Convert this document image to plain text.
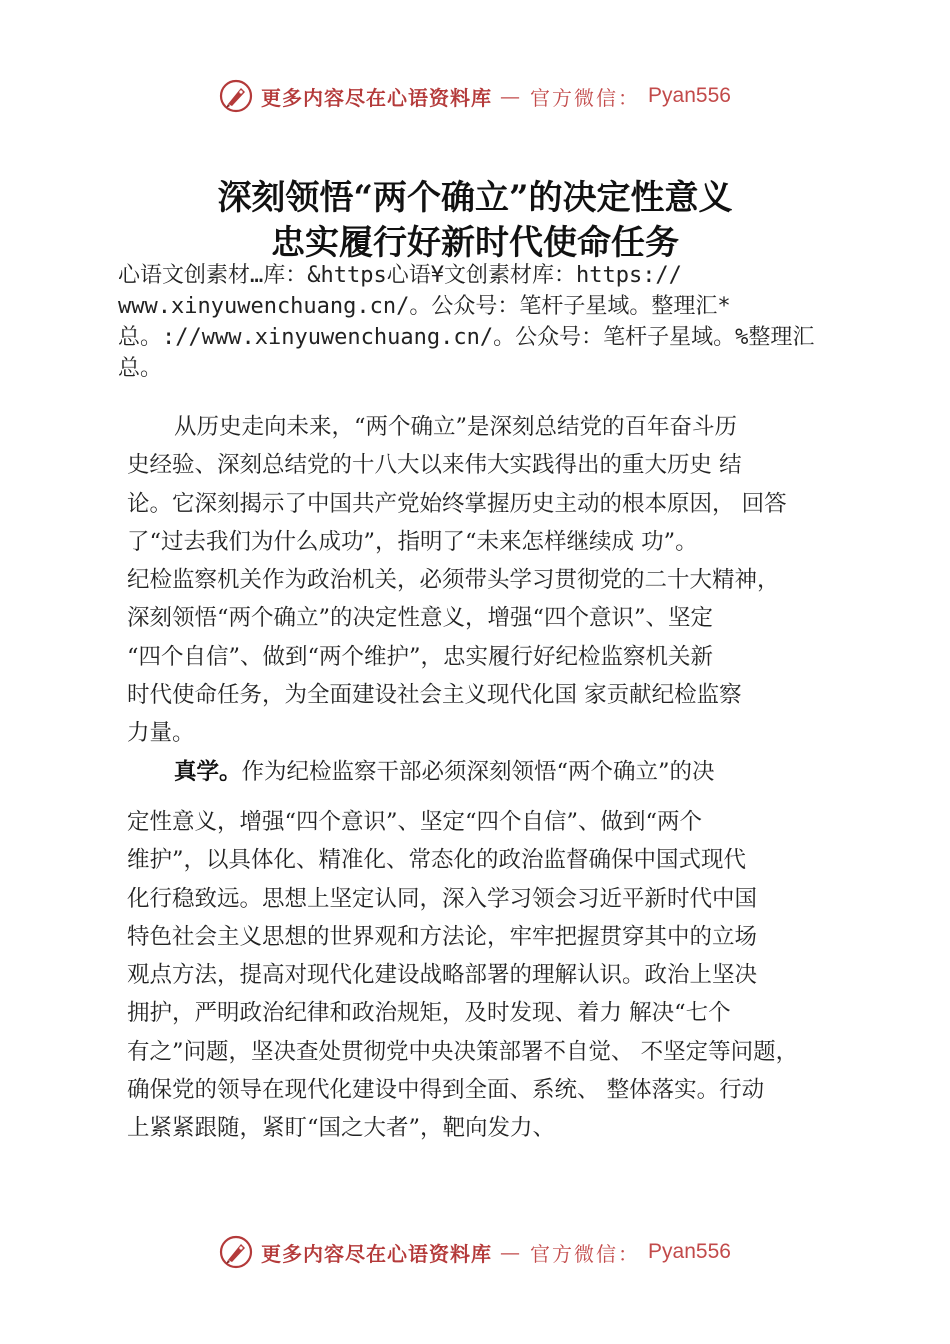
更多内容尽在心语资料库 — 官方微信： Pyan556
深刻领悟“两个确立”的决定性意义
忠实履行好新时代使命任务
心语文创素材…库：&https心语¥文创素材库：https://
www.xinyuwenchuang.cn/。公众号：笔杆子星域。整理汇*
总。://www.xinyuwenchuang.cn/。公众号：笔杆子星域。%整理汇
总。
从历史走向未来，“两个确立”是深刻总结党的百年奋斗历
史经验、深刻总结党的十八大以来伟大实践得出的重大历史 结
论。它深刻揭示了中国共产党始终掌握历史主动的根本原因， 回答
了“过去我们为什么成功”，指明了“未来怎样继续成 功”。
纪检监察机关作为政治机关，必须带头学习贯彻党的二十大精神，
深刻领悟“两个确立”的决定性意义，增强“四个意识”、坚定
“四个自信”、做到“两个维护”，忠实履行好纪检监察机关新
时代使命任务，为全面建设社会主义现代化国 家贡献纪检监察
力量。
真学。作为纪检监察干部必须深刻领悟“两个确立”的决
定性意义，增强“四个意识”、坚定“四个自信”、做到“两个
维护”，以具体化、精准化、常态化的政治监督确保中国式现代
化行稳致远。思想上坚定认同，深入学习领会习近平新时代中国
特色社会主义思想的世界观和方法论，牢牢把握贯穿其中的立场
观点方法，提高对现代化建设战略部署的理解认识。政治上坚决
拥护，严明政治纪律和政治规矩，及时发现、着力 解决“七个
有之”问题，坚决查处贯彻党中央决策部署不自觉、 不坚定等问题，
确保党的领导在现代化建设中得到全面、系统、 整体落实。行动
上紧紧跟随，紧盯“国之大者”，靶向发力、
更多内容尽在心语资料库 — 官方微信： Pyan556
